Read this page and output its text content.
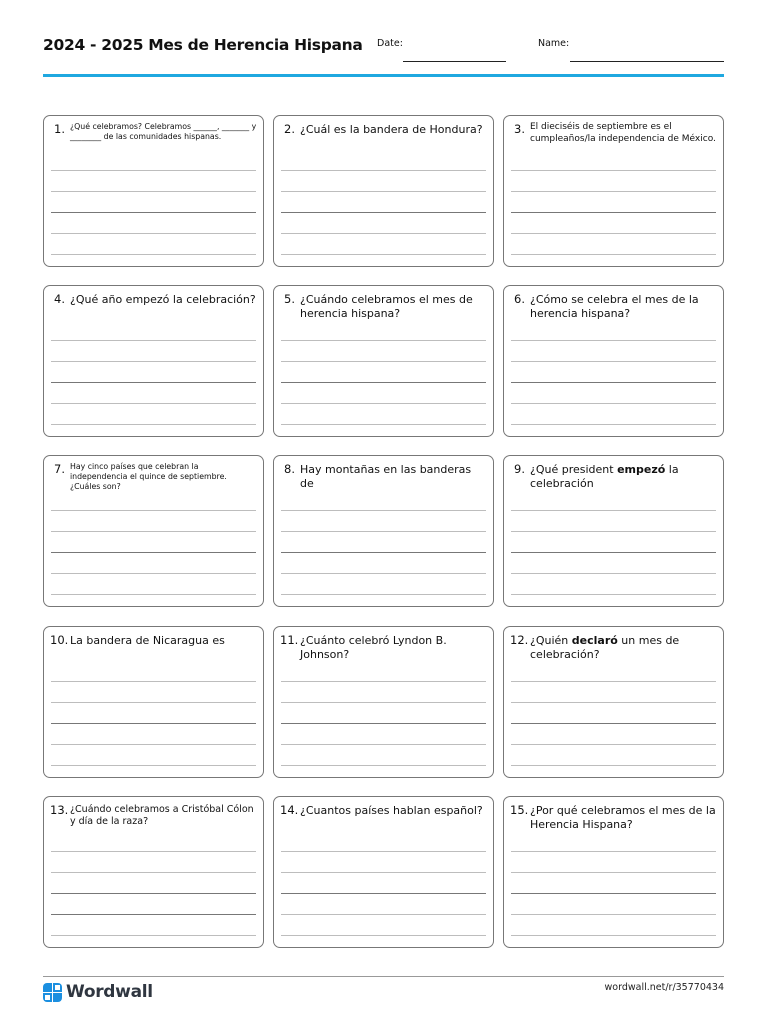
2024 - 2025 Mes de Herencia Hispana Date:	Name:
1. ¿Qué celebramos? Celebramos ______, _______ y ________ de las comunidades hispanas.
2. ¿Cuál es la bandera de Hondura?	3. El dieciséis de septiembre es el cumpleaños/la independencia de México.
4. ¿Qué año empezó la celebración? 5. ¿Cuándo celebramos el mes de herencia hispana?
6. ¿Cómo se celebra el mes de la herencia hispana?
7. Hay cinco países que celebran la independencia el quince de septiembre. ¿Cuáles son?
8. Hay montañas en las banderas de
9. ¿Qué president empezó la celebración
10. La bandera de Nicaragua es	11. ¿Cuánto celebró Lyndon B. Johnson?
12. ¿Quién declaró un mes de celebración?
13. ¿Cuándo celebramos a Cristóbal Cólon y día de la raza?
14. ¿Cuantos países hablan español?	15. ¿Por qué celebramos el mes de la Herencia Hispana?
Wordwall	wordwall.net/r/35770434
